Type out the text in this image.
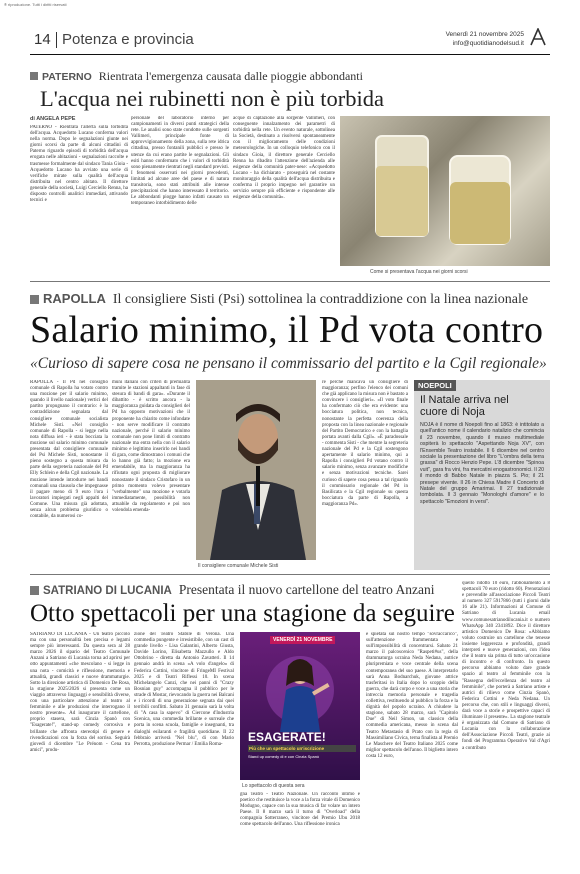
® riproduzione. Tutti i diritti riservati
14 Potenza e provincia	Venerdì 21 novembre 2025
info@quotidianodelsud.it
PATERNO Rientrata l'emergenza causata dalle pioggie abbondanti
L'acqua nei rubinetti non è più torbida
di ANGELA PEPE
PATERNO - Rientrata l'allerta sulla torbidità dell'acqua. Acquedotto Lucano conferma valori nella norma. Dopo le segnalazioni giunte nei giorni scorsi da parte di alcuni cittadini di Paterno riguardo episodi di torbidità dell'acqua erogata nelle abitazioni - segnalazioni raccolte e trasmesse formalmente dal sindaco Tania Gioia - Acquedotto Lucano ha avviato una serie di verifiche mirate sulla qualità dell'acqua distribuita nel centro abitato. Il direttore generale della società, Luigi Cerciello Renna, ha disposto controlli analitici immediati, attivando tecnici e
personale del laboratorio interno per campionamenti in diversi punti strategici della rete. Le analisi sono state condotte sulle sorgenti Vallimeri, principale fonte di approvvigionamento della zona, sulla rete idrica cittadina, presso fontanili pubblici e presso le utenze da cui erano partite le segnalazioni. Gli esiti hanno confermato che i valori di torbidità sono pienamente rientrati negli standard previsti. I fenomeni osservati nei giorni precedenti, limitati ad alcune aree del paese e di natura transitoria, sono stati attribuiti alle intense precipitazioni che hanno interessato il territorio. Le abbondanti piogge hanno infatti causato un temporaneo intorbidimento delle
acque di captazione alla sorgente Vallimeri, con conseguente innalzamento dei parametri di torbidità nella rete. Un evento naturale, sottolinea la Società, destinato a risolversi spontaneamente con il miglioramento delle condizioni meteorologiche. In un colloquio telefonico con il sindaco Gioia, il direttore generale Cerciello Renna ha ribadito l'attenzione dell'azienda alle esigenze della comunità pater-nese: «Acquedotto Lucano - ha dichiarato - proseguirà nel costante monitoraggio della qualità dell'acqua distribuita e conferma il proprio impegno nel garantire un servizio sempre più efficiente e rispondente alle esigenze della comunità».
Come si presentava l'acqua nei giorni scorsi
RAPOLLA Il consigliere Sisti (Psi) sottolinea la contraddizione con la linea nazionale
Salario minimo, il Pd vota contro
«Curioso di sapere cosa ne pensano il commissario del partito e la Cgil regionale»
RAPOLLA - Il Pd nel consiglio comunale di Rapolla ha votato contro una mozione per il salario minimo, quando il livello nazionale) vertici del partito propugnano il contrario: è la contraddizione segnalata dal consigliere comunale socialista Michele Sisti. «Nel consiglio comunale di Rapolla - si legge nella nota diffusa ieri - è stata bocciata la mozione sul salario minimo comunale presentata dal consigliere comunale del Psi Michele Sisti, nonostante il pieno sostegno a questa misura da parte della segreteria nazionale del Pd Elly Schlein e della Cgil nazionale. La mozione intende introdurre nei bandi comunali una clausola che impegnasse il pagare meno di 9 euro l'ora i lavoratori impiegati negli appalti del Comune. Una misura già adottata, senza alcun problema giuridico o contabile, da numerosi co-
muni italiani con criteri di premialità tramite le stazioni appaltanti in fase di stesura di bandi di gara». «Durante il dibattito - è scritto ancora - la maggioranza guidata da consiglieri del Pd ha opposto motivazioni che il proponente ha chiarito come infondate - non serve modificare il contratto nazionale, perché il salario minimo comunale non pone limiti di contratto nazionale ma entra nella con il salario minimo e legittimo inserirlo nei bandi di gara, come dimostrano i comuni che lo hanno già fatto; la mozione era emendabile, ma la maggioranza ha rifiutato ogni proposta di migliorare nonostante il sindaco Cristofaro in un primo momento volevo presentare "verbalmente" una mozione e votarla immediatamente, possibilità non attuabile da regolamento e poi non volendola emenda-
Il consigliere comunale Michele Sisti
re perché mancava un consigliere di maggioranza; perfino l'elenco dei comuni che già applicano la misura non è bastato a convincere i consiglieri». «Il voto finale ha confermato ciò che era evidente: una bocciatura politica, non tecnica, nonostante la perfetta coerenza della proposta con la linea nazionale e regionale del Partito Democratico e con la battaglia portata avanti dalla Cgil». «È paradossale - commenta Sisti - che mentre la segreteria nazionale del Pd e la Cgil sostengono apertamente il salario minimo, qui a Rapolla i consiglieri Pd votano contro il salario minimo, senza avanzare modifiche e senza motivazioni tecniche. Sarei curioso di sapere cosa pensa a tal riguardo il commissario regionale del Pd in Basilicata e la Cgil regionale su questa bocciatura da parte di Rapolla, a maggioranza Pd».
NOEPOLI
Il Natale arriva nel cuore di Noja
NOJA è il nome di Noepoli fino al 1863: è intitolato a quell'antico nome il calendario natalizio che comincia il 23 novembre, quando il museo multimediale ospiterà lo spettacolo "Aspettando Noja XV", con l'Ensemble Teatro instabile. Il 6 dicembre nel centro sociale la presentazione del libro "L'ombra della terra grassa" di Rocco Henzio Pepe. L'8 dicembre "Spinoa vuit", gara fra vini, fra mercatini enogastronomici. Il 20 il mondo di Babbo Natale in piazza S. Pio; il 21 presepe vivente. Il 26 in Chiesa Madre il Concerto di Natale del gruppo Amarimai. Il 27 tradizionale tombolata. Il 3 gennaio "Monologhi d'amore" e lo spettacolo "Emozioni in versi".
SATRIANO DI LUCANIA Presentata il nuovo cartellone del teatro Anzani
Otto spettacoli per una stagione da seguire
SATRIANO DI LUCANIA - Un teatro piccolo ma con una personalità ben precisa e legami sempre più interessanti. Da questa sera al 28 marzo 2026 il sipario del Teatro Comunale Anzani a Satriano di Lucania torna ad aprirsi per otto appuntamenti «che mescolano - si legge in una nota - comicità e riflessione, memoria e attualità, grandi classici e nuove drammaturgie. Sotto la direzione artistica di Domenico De Rosa, la stagione 2025/2026 si presenta come un viaggio attraverso linguaggi e sensibilità diverse, con una particolare attenzione al teatro al femminile e alle produzioni che interrogano il nostro presente». Ad inaugurare il cartellone, proprio stasera, sarà Cinzia Spanò con "Esagerate!", stand-up comedy corrosiva e brillante che affronta stereotipi di genere e rivendicazioni con la forza del sorriso. Seguirà giovedì 4 dicembre "Le Prénom - Cena tra amici", produ-
zione del Teatro Stabile di Verona. Una commedia pungente e irresistibile, con un cast di grande livello - Lisa Galantini, Alberto Giusta, Davide Lorino, Elisabetta Mazzullo e Aldo Ottobrino - diretta da Antonio Zavatteri. Il 14 gennaio andrà in scena «A volo d'angelo» di Federica Cottini, vincitore di FringeMI Festival 2025 e di Teatri Riflessi 10. In scena Michelangelo Canzi, che nei panni di "Crazy Bosnian guy" accompagna il pubblico per le strade di Mostar, rievocando la guerra nei Balcani e i ricordi di una generazione segnata dai quei terribili conflitti. Sabato 31 gennaio sarà la volta di "A casa la sapevo" di Ciercone d'Industria Scenica, una commedia brillante e surreale che porta in scena scuola, famiglie e insegnanti, tra dialoghi esilaranti e fragilità quotidiane. Il 22 febbraio arriverà "Nel blu", di con Mario Perrotta, produzione Permar / Emilia Roma-
VENERDÌ 21 NOVEMBRE
ESAGERATE!
Più che un spettacolo un'iscrizione
Stand up comedy di e con Cinzia Spanò
Lo spettacolo di questa sera
gna Teatro - Teatro Nazionale. Un racconto intimo e poetico che restituisce la voce a la forza vitale di Domenico Modugno, capace con la sua musica di far volare un intero Paese. Il 8 marzo sarà il turno di "Overload" della compagnia Sotterraneo, vincitore del Premio Ubu 2018 come spettacolo dell'anno. Una riflessione ironica
e spietata sul nostro tempo "sovraccarico", sull'attenzione frammentata e sull'impossibilità di concentrarsi. Sabato 21 marzo il palcoscenico "Raspeti#us", della drammaturga ucraina Neda Nedana, autrice pluripremiata e voce centrale della scena contemporanea del suo paese. A interpretarlo sarà Anna Bodnarchuk, giovane attrice trasferitasi in Italia dopo lo scoppio della guerra, che darà corpo e voce a una storia che intreccia memoria personale e tragedia collettiva, restituendo al pubblico la forza e la dignità del popolo ucraino. A chiudere la stagione, sabato 28 marzo, sarà "Capitolo Due" di Neil Simon, un classico della commedia americana, messo in scena dal Teatro Metastasio di Prato con la regia di Massimiliano Civica, terna finalista al Premio Le Maschere del Teatro Italiano 2025 come miglior spettacolo dell'anno. Il biglietto intero costa 12 euro,
quello ridotto 10 euro, l'abbonamento a 8 spettacoli 70 euro (ridotto 60). Prenotazioni e prevendite all'associazione Piccoli Teatri al numero 327 5917866 (tutti i giorni dalle 16 alle 21). Informazioni al Comune di Satriano di Lucania email www.comunesatrianodilucania.it o numero WhatsApp 340 2341892. Dice il direttore artistico Domenico De Rosa: «Abbiamo voluto costruire un cartellone che tenesse insieme leggerezza e profondità, grandi interpreti e nuove generazioni, con l'idea che il teatro sia prima di tutto un'occasione di incontro e di confronto. In questo percorso abbiamo voluto dare grande spazio al teatro al femminile con la "Rassegna dell'eccellenza del teatro al femminile", che porterà a Satriano artiste e autrici di rilievo come Cinzia Spanò, Federica Cottini e Neda Nedana. Un percorso che, con stili e linguaggi diversi, darà voce a storie e prospettive capaci di illuminare il presente». La stagione teatrale è organizzata dal Comune di Satriano di Lucania con la collaborazione dell'Associazione Piccoli Teatri, grazie ai fondi del Programma Operativo Val d'Agri a contributo
